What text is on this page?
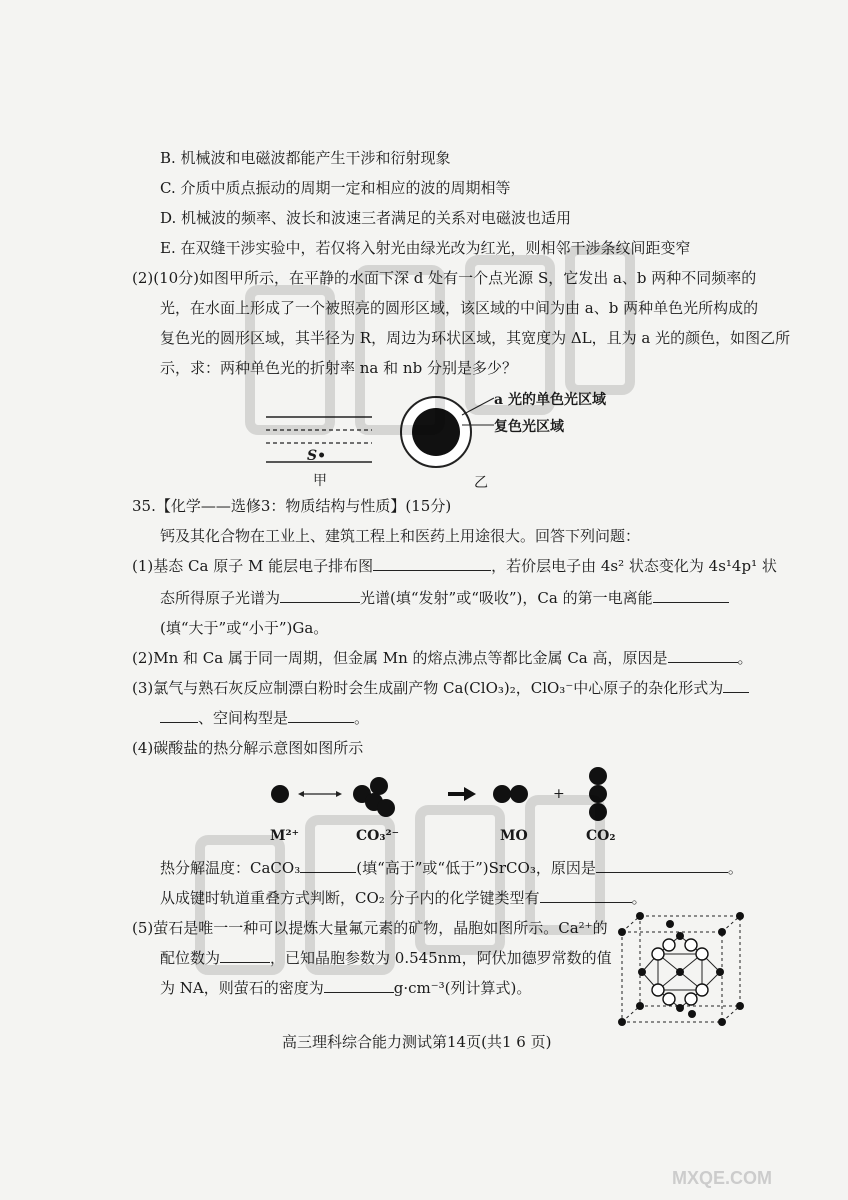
B. 机械波和电磁波都能产生干涉和衍射现象
C. 介质中质点振动的周期一定和相应的波的周期相等
D. 机械波的频率、波长和波速三者满足的关系对电磁波也适用
E. 在双缝干涉实验中，若仅将入射光由绿光改为红光，则相邻干涉条纹间距变窄
(2)(10分)如图甲所示，在平静的水面下深 d 处有一个点光源 S，它发出 a、b 两种不同频率的
光，在水面上形成了一个被照亮的圆形区域，该区域的中间为由 a、b 两种单色光所构成的
复色光的圆形区域，其半径为 R，周边为环状区域，其宽度为 ΔL，且为 a 光的颜色，如图乙所
示，求：两种单色光的折射率 na 和 nb 分别是多少？
S•
甲
a 光的单色光区域
复色光区域
乙
35.【化学——选修3：物质结构与性质】(15分)
钙及其化合物在工业上、建筑工程上和医药上用途很大。回答下列问题：
(1)基态 Ca 原子 M 能层电子排布图	，若价层电子由 4s² 状态变化为 4s¹4p¹ 状
态所得原子光谱为	光谱(填“发射”或“吸收”)，Ca 的第一电离能
(填“大于”或“小于”)Ga。
(2)Mn 和 Ca 属于同一周期，但金属 Mn 的熔点沸点等都比金属 Ca 高，原因是	。
(3)氯气与熟石灰反应制漂白粉时会生成副产物 Ca(ClO₃)₂，ClO₃⁻中心原子的杂化形式为
、空间构型是	。
(4)碳酸盐的热分解示意图如图所示
+
M²⁺	CO₃²⁻	MO	CO₂
热分解温度：CaCO₃	(填“高于”或“低于”)SrCO₃，原因是	。
从成键时轨道重叠方式判断，CO₂ 分子内的化学键类型有	。
(5)萤石是唯一一种可以提炼大量氟元素的矿物，晶胞如图所示。Ca²⁺的
配位数为	，已知晶胞参数为 0.545nm，阿伏加德罗常数的值
为 NA，则萤石的密度为	g·cm⁻³(列计算式)。
高三理科综合能力测试第14页(共1 6 页)
MXQE.COM
